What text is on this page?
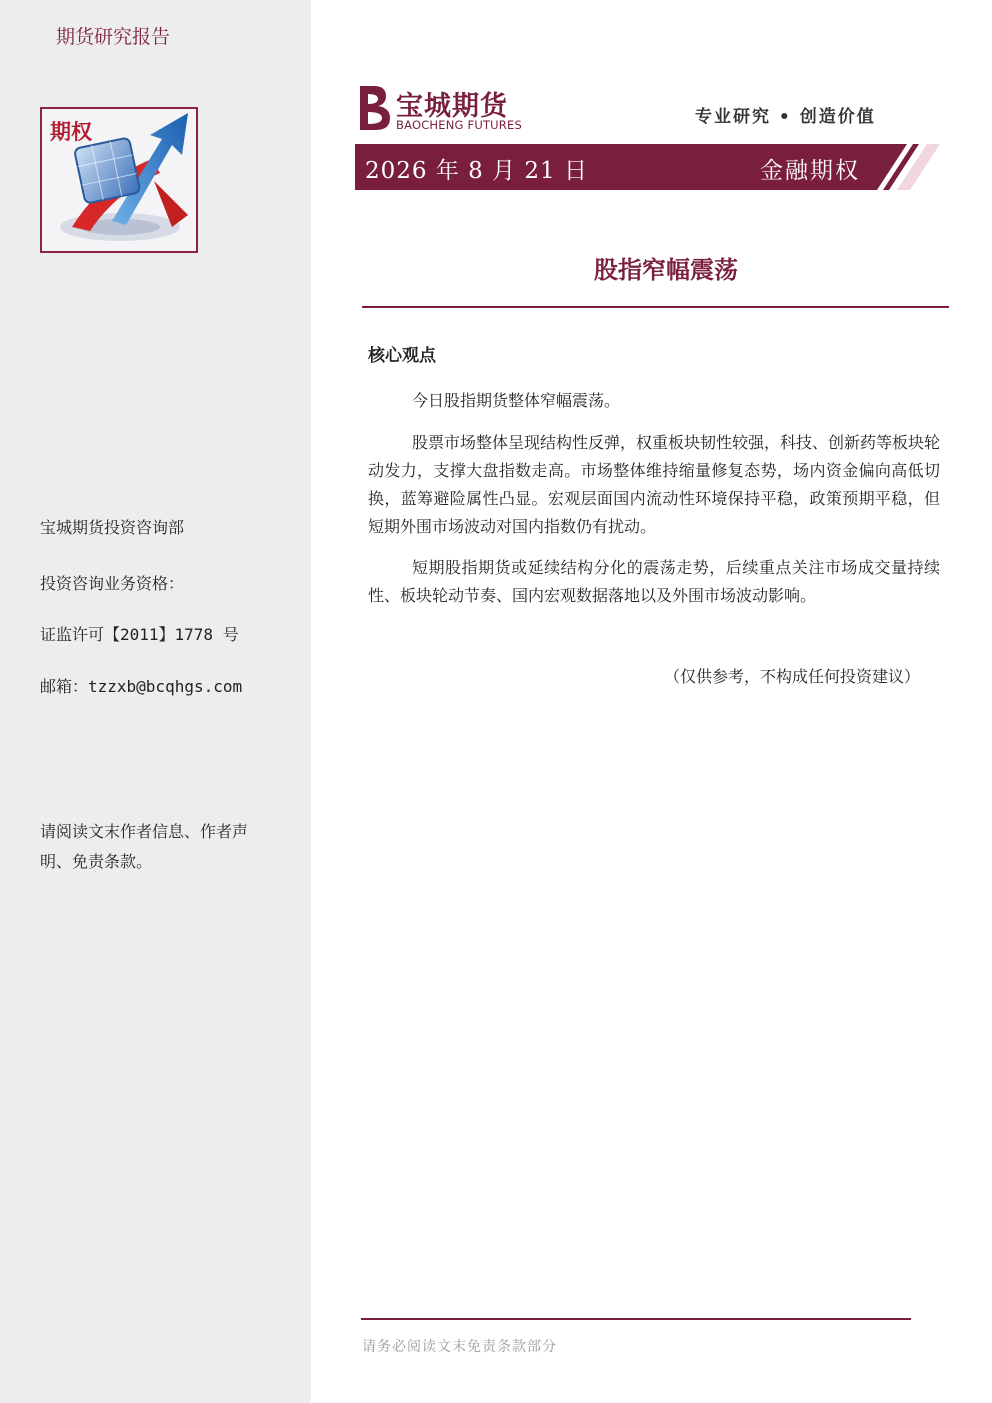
期货研究报告
期权
宝城期货投资咨询部
投资咨询业务资格：
证监许可【2011】1778 号
邮箱：tzzxb@bcqhgs.com
请阅读文末作者信息、作者声明、免责条款。
宝城期货
BAOCHENG FUTURES	专业研究 • 创造价值
2026 年 8 月 21 日	金融期权
股指窄幅震荡
核心观点

今日股指期货整体窄幅震荡。

股票市场整体呈现结构性反弹，权重板块韧性较强，科技、创新药等板块轮动发力，支撑大盘指数走高。市场整体维持缩量修复态势，场内资金偏向高低切换，蓝筹避险属性凸显。宏观层面国内流动性环境保持平稳，政策预期平稳，但短期外围市场波动对国内指数仍有扰动。

短期股指期货或延续结构分化的震荡走势，后续重点关注市场成交量持续性、板块轮动节奏、国内宏观数据落地以及外围市场波动影响。

（仅供参考，不构成任何投资建议）
请务必阅读文末免责条款部分
